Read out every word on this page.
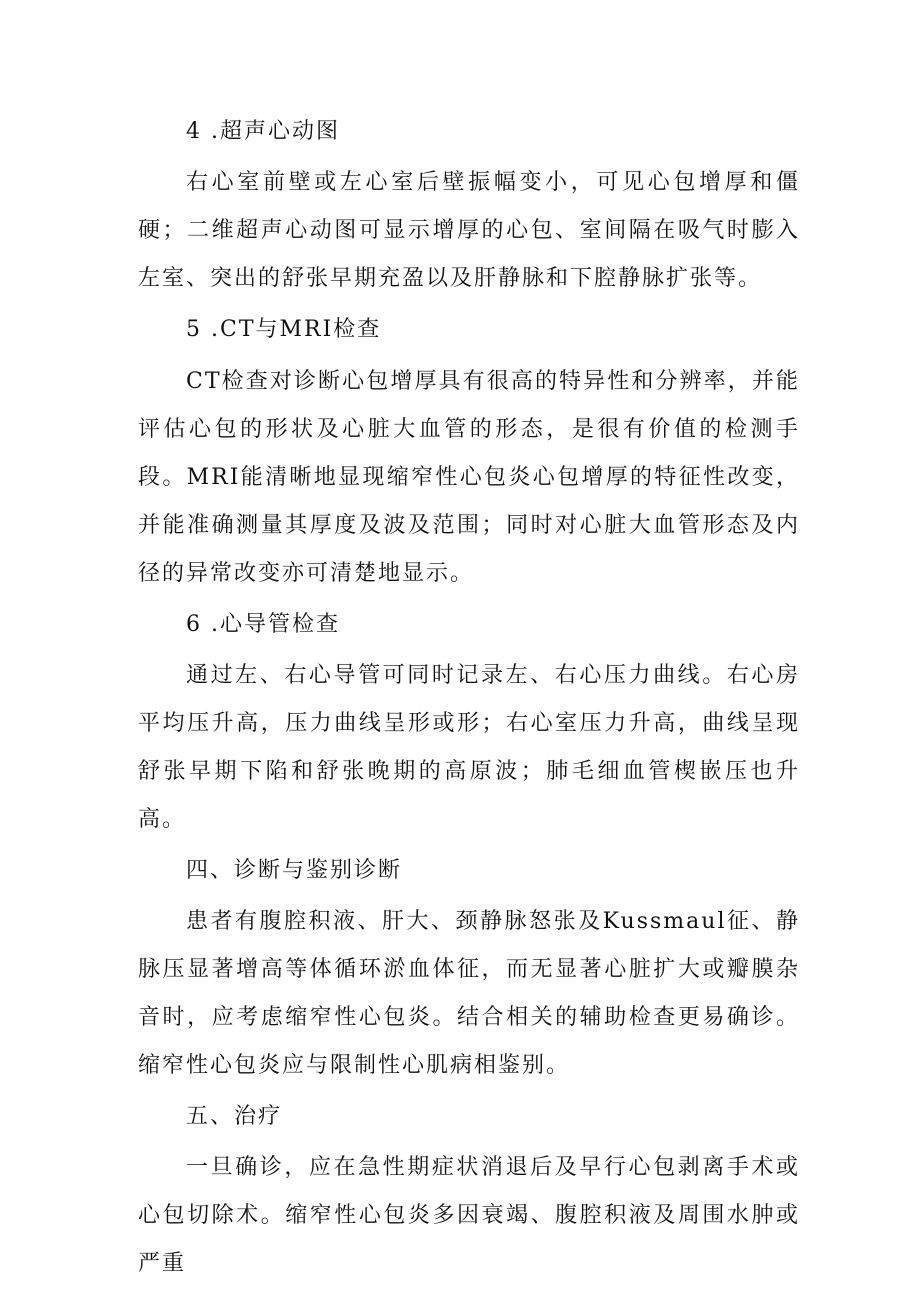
4 .超声心动图

右心室前壁或左心室后壁振幅变小，可见心包增厚和僵硬；二维超声心动图可显示增厚的心包、室间隔在吸气时膨入左室、突出的舒张早期充盈以及肝静脉和下腔静脉扩张等。

5 .CT与MRI检查

CT检查对诊断心包增厚具有很高的特异性和分辨率，并能评估心包的形状及心脏大血管的形态，是很有价值的检测手段。MRI能清晰地显现缩窄性心包炎心包增厚的特征性改变，并能准确测量其厚度及波及范围；同时对心脏大血管形态及内径的异常改变亦可清楚地显示。

6 .心导管检查

通过左、右心导管可同时记录左、右心压力曲线。右心房平均压升高，压力曲线呈形或形；右心室压力升高，曲线呈现舒张早期下陷和舒张晚期的高原波；肺毛细血管楔嵌压也升高。

四、诊断与鉴别诊断

患者有腹腔积液、肝大、颈静脉怒张及Kussmaul征、静脉压显著增高等体循环淤血体征，而无显著心脏扩大或瓣膜杂音时，应考虑缩窄性心包炎。结合相关的辅助检查更易确诊。缩窄性心包炎应与限制性心肌病相鉴别。

五、治疗

一旦确诊，应在急性期症状消退后及早行心包剥离手术或心包切除术。缩窄性心包炎多因衰竭、腹腔积液及周围水肿或严重
